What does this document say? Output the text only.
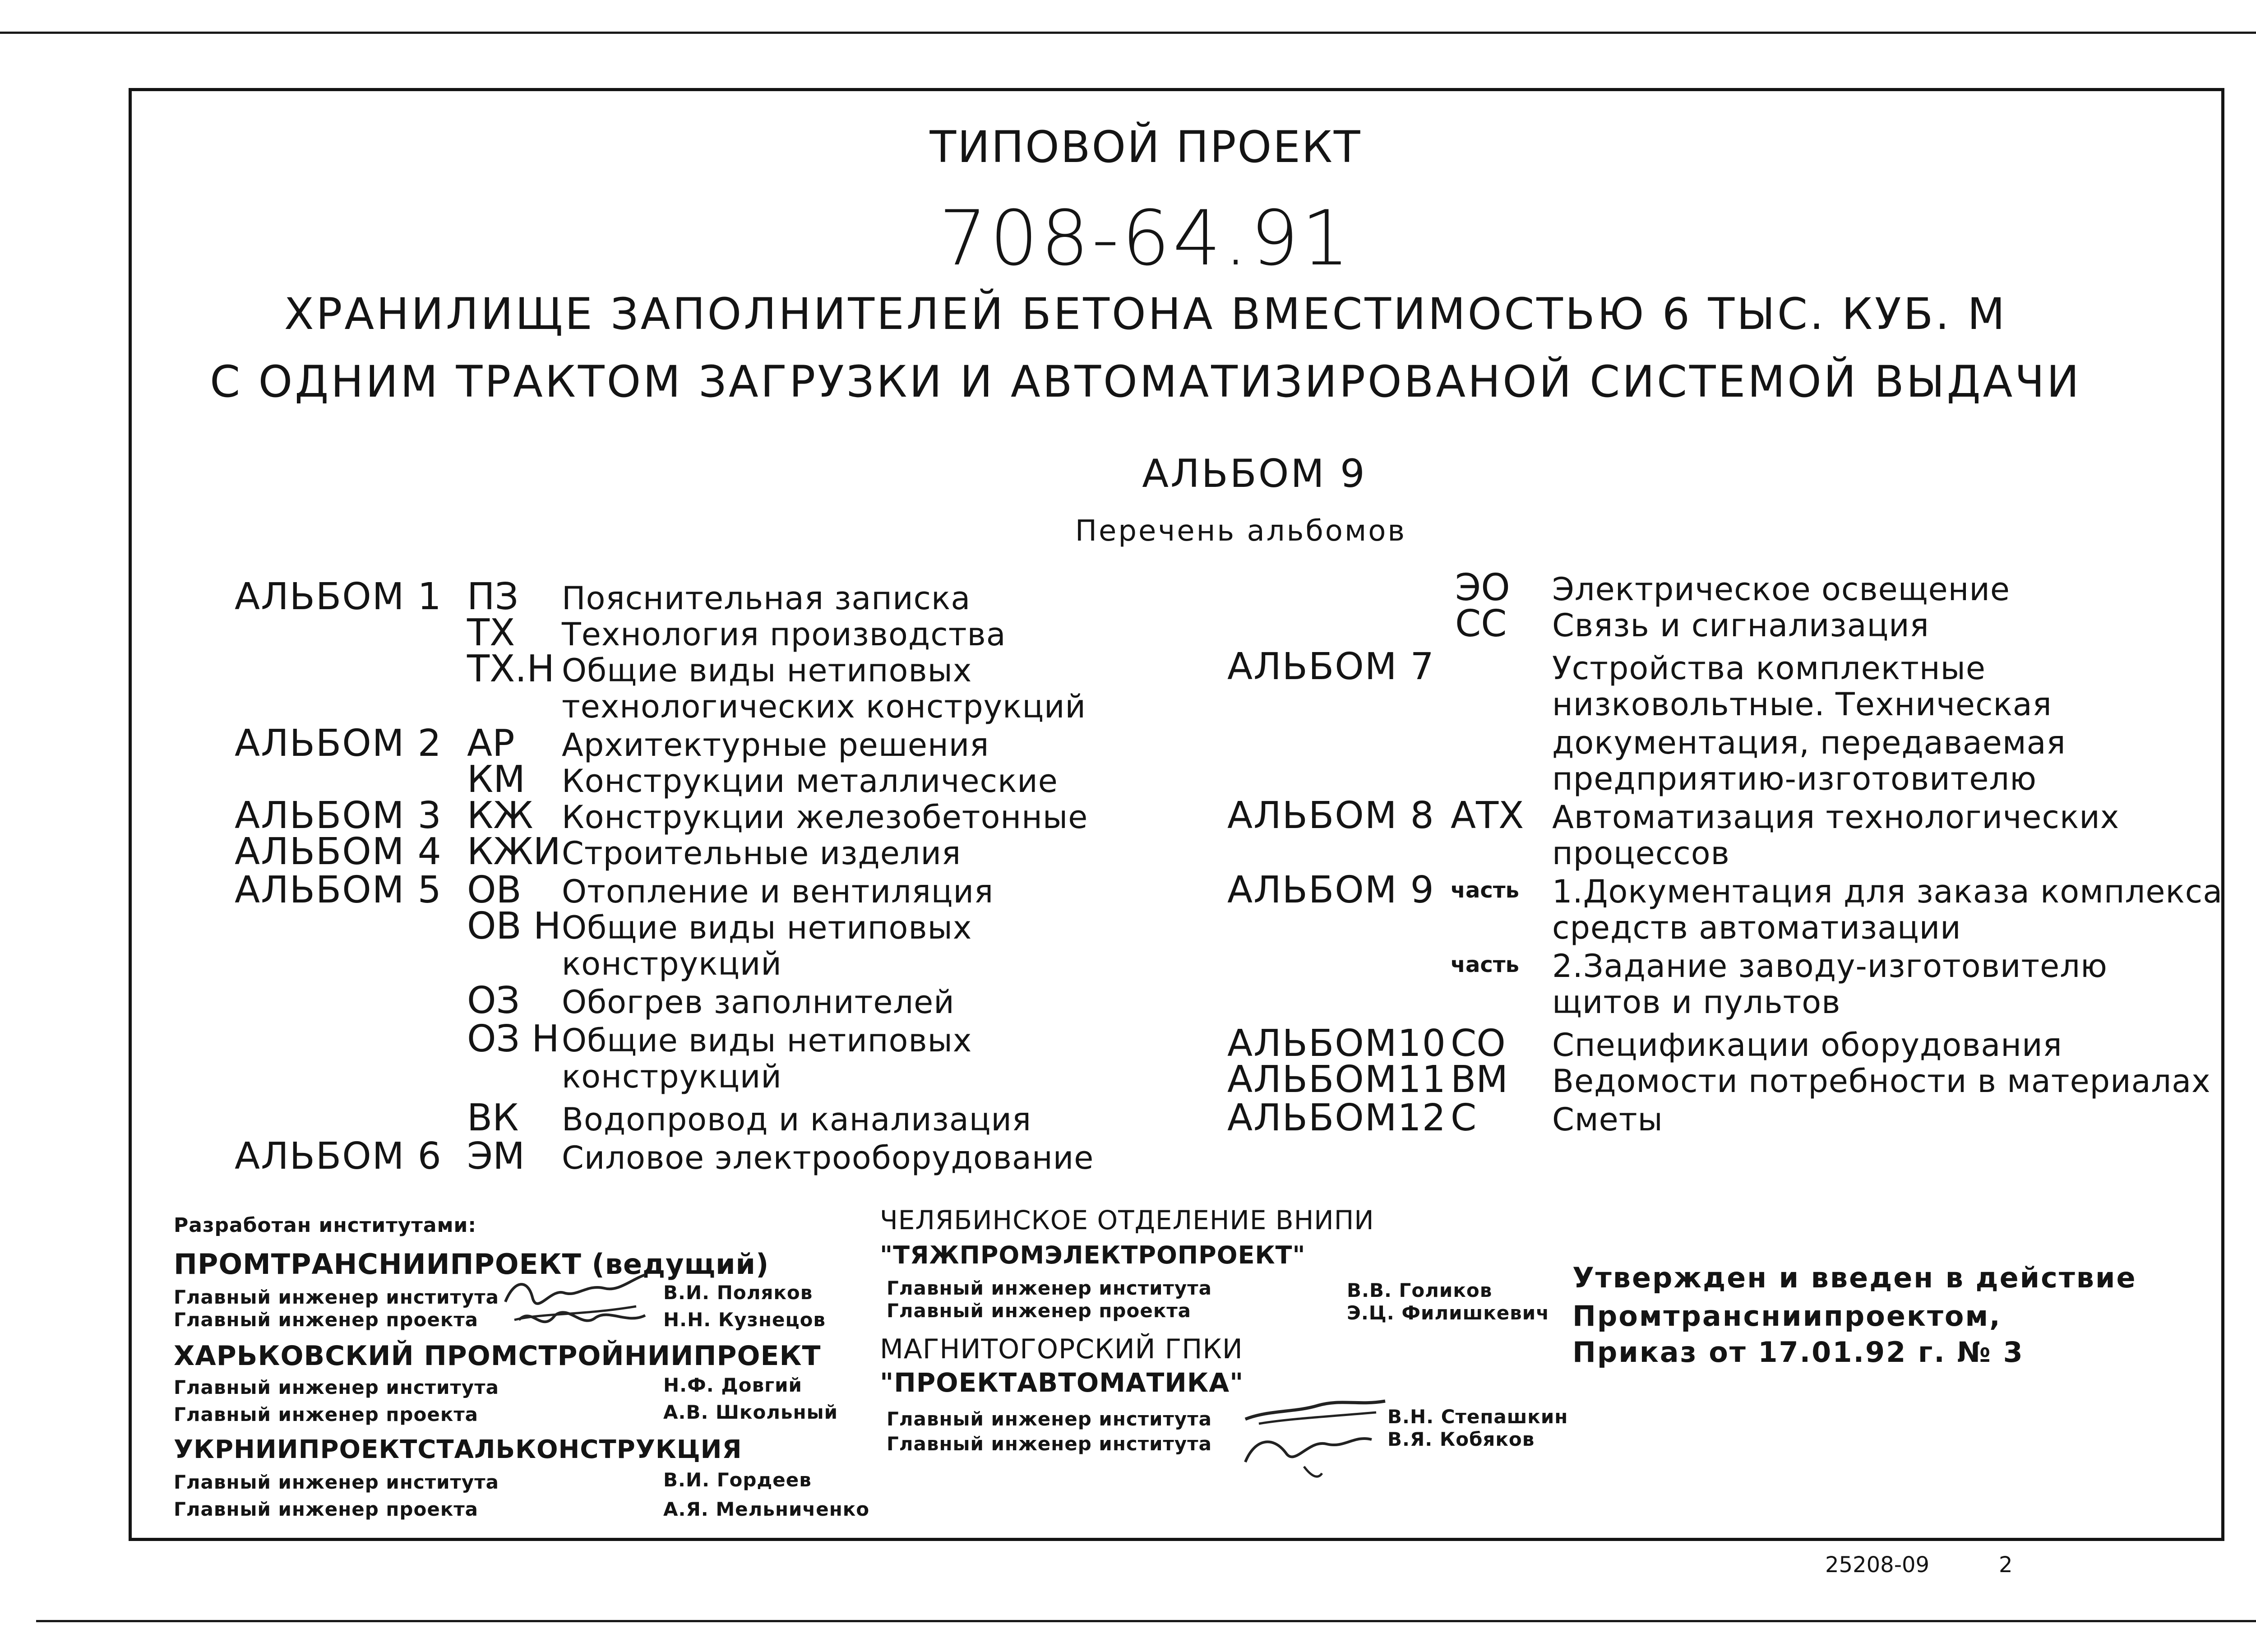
ТИПОВОЙ ПРОЕКТ
708-64.91
ХРАНИЛИЩЕ ЗАПОЛНИТЕЛЕЙ БЕТОНА ВМЕСТИМОСТЬЮ 6 ТЫС. КУБ. М
С ОДНИМ ТРАКТОМ ЗАГРУЗКИ И АВТОМАТИЗИРОВАНОЙ СИСТЕМОЙ ВЫДАЧИ
АЛЬБОМ 9
Перечень альбомов
АЛЬБОМ 1 ПЗ Пояснительная записка
ТХ Технология производства
ТХ.Н Общие виды нетиповых
технологических конструкций
АЛЬБОМ 2 АР Архитектурные решения
КМ Конструкции металлические
АЛЬБОМ 3 КЖ Конструкции железобетонные
АЛЬБОМ 4 КЖИ Строительные изделия
АЛЬБОМ 5 ОВ Отопление и вентиляция
ОВ Н Общие виды нетиповых
конструкций
ОЗ Обогрев заполнителей
ОЗ Н Общие виды нетиповых
конструкций
ВК Водопровод и канализация
АЛЬБОМ 6 ЭМ Силовое электрооборудование
ЭО Электрическое освещение
СС Связь и сигнализация
АЛЬБОМ 7	Устройства комплектные
низковольтные. Техническая
документация, передаваемая
предприятию-изготовителю
АЛЬБОМ 8 АТХ Автоматизация технологических
процессов
АЛЬБОМ 9 часть 1.Документация для заказа комплекса
средств автоматизации
часть 2.Задание заводу-изготовителю
щитов и пультов
АЛЬБОМ10 СО Спецификации оборудования
АЛЬБОМ11 ВМ Ведомости потребности в материалах
АЛЬБОМ12 С Сметы
Разработан институтами:
ПРОМТРАНСНИИПРОЕКТ (ведущий)
Главный инженер института	В.И. Поляков
Главный инженер проекта	Н.Н. Кузнецов
ХАРЬКОВСКИЙ ПРОМСТРОЙНИИПРОЕКТ
Главный инженер института	Н.Ф. Довгий
Главный инженер проекта	А.В. Школьный
УКРНИИПРОЕКТСТАЛЬКОНСТРУКЦИЯ
Главный инженер института	В.И. Гордеев
Главный инженер проекта	А.Я. Мельниченко
ЧЕЛЯБИНСКОЕ ОТДЕЛЕНИЕ ВНИПИ
"ТЯЖПРОМЭЛЕКТРОПРОЕКТ"
Главный инженер института	В.В. Голиков
Главный инженер проекта	Э.Ц. Филишкевич
МАГНИТОГОРСКИЙ ГПКИ
"ПРОЕКТАВТОМАТИКА"
Главный инженер института	В.Н. Степашкин
Главный инженер института	В.Я. Кобяков
Утвержден и введен в действие
Промтрансниипроектом,
Приказ от 17.01.92 г. № 3
25208-09	2
